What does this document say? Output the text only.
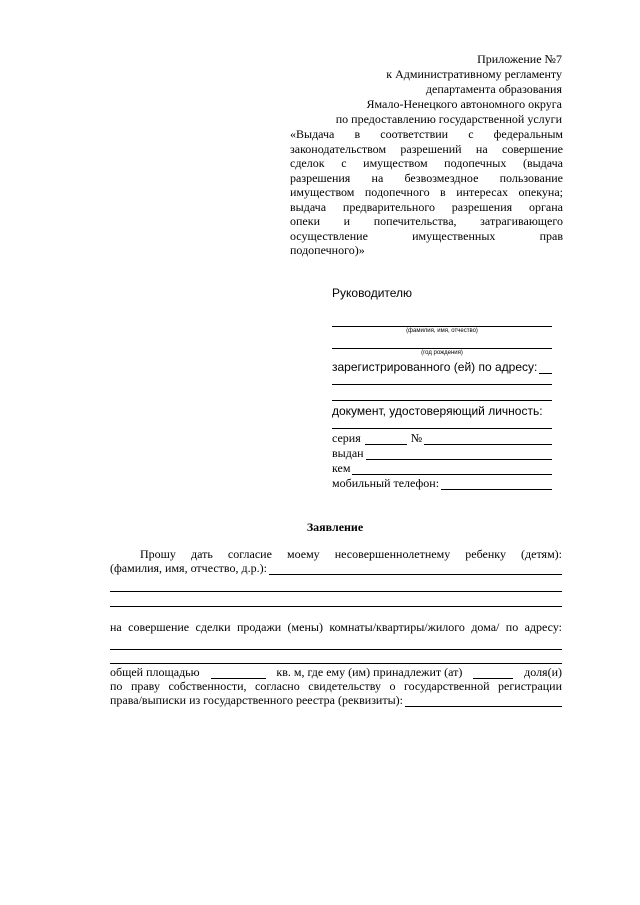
Приложение №7
к Административному регламенту
департамента образования
Ямало-Ненецкого автономного округа
по предоставлению государственной услуги
«Выдача в соответствии с федеральным
законодательством разрешений на совершение
сделок с имуществом подопечных (выдача
разрешения на безвозмездное пользование
имуществом подопечного в интересах опекуна;
выдача предварительного разрешения органа
опеки и попечительства, затрагивающего
осуществление имущественных прав
подопечного)»
Руководителю
(фамилия, имя, отчество)
(год рождения)
зарегистрированного (ей) по адресу:
документ, удостоверяющий личность:
серия	№
выдан
кем
мобильный телефон:
Заявление
Прошу дать согласие моему несовершеннолетнему ребенку (детям):
(фамилия, имя, отчество, д.р.):
на совершение сделки продажи (мены) комнаты/квартиры/жилого дома/ по адресу:
общей площадью	кв. м, где ему (им) принадлежит (ат)	доля(и)
по праву собственности, согласно свидетельству о государственной регистрации
права/выписки из государственного реестра (реквизиты):
